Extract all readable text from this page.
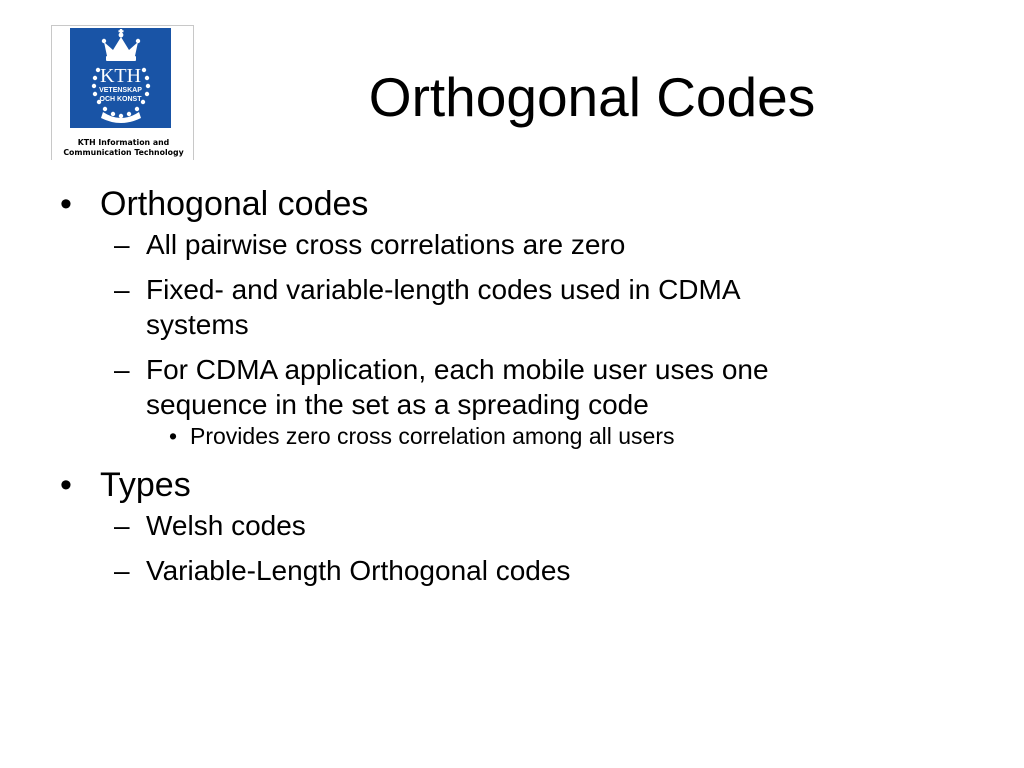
KTH
VETENSKAP
OCH KONST
KTH Information and
Communication Technology
Orthogonal Codes
• Orthogonal codes
– All pairwise cross correlations are zero
– Fixed- and variable-length codes used in CDMA
systems
– For CDMA application, each mobile user uses one
sequence in the set as a spreading code
• Provides zero cross correlation among all users
• Types
– Welsh codes
– Variable-Length Orthogonal codes
